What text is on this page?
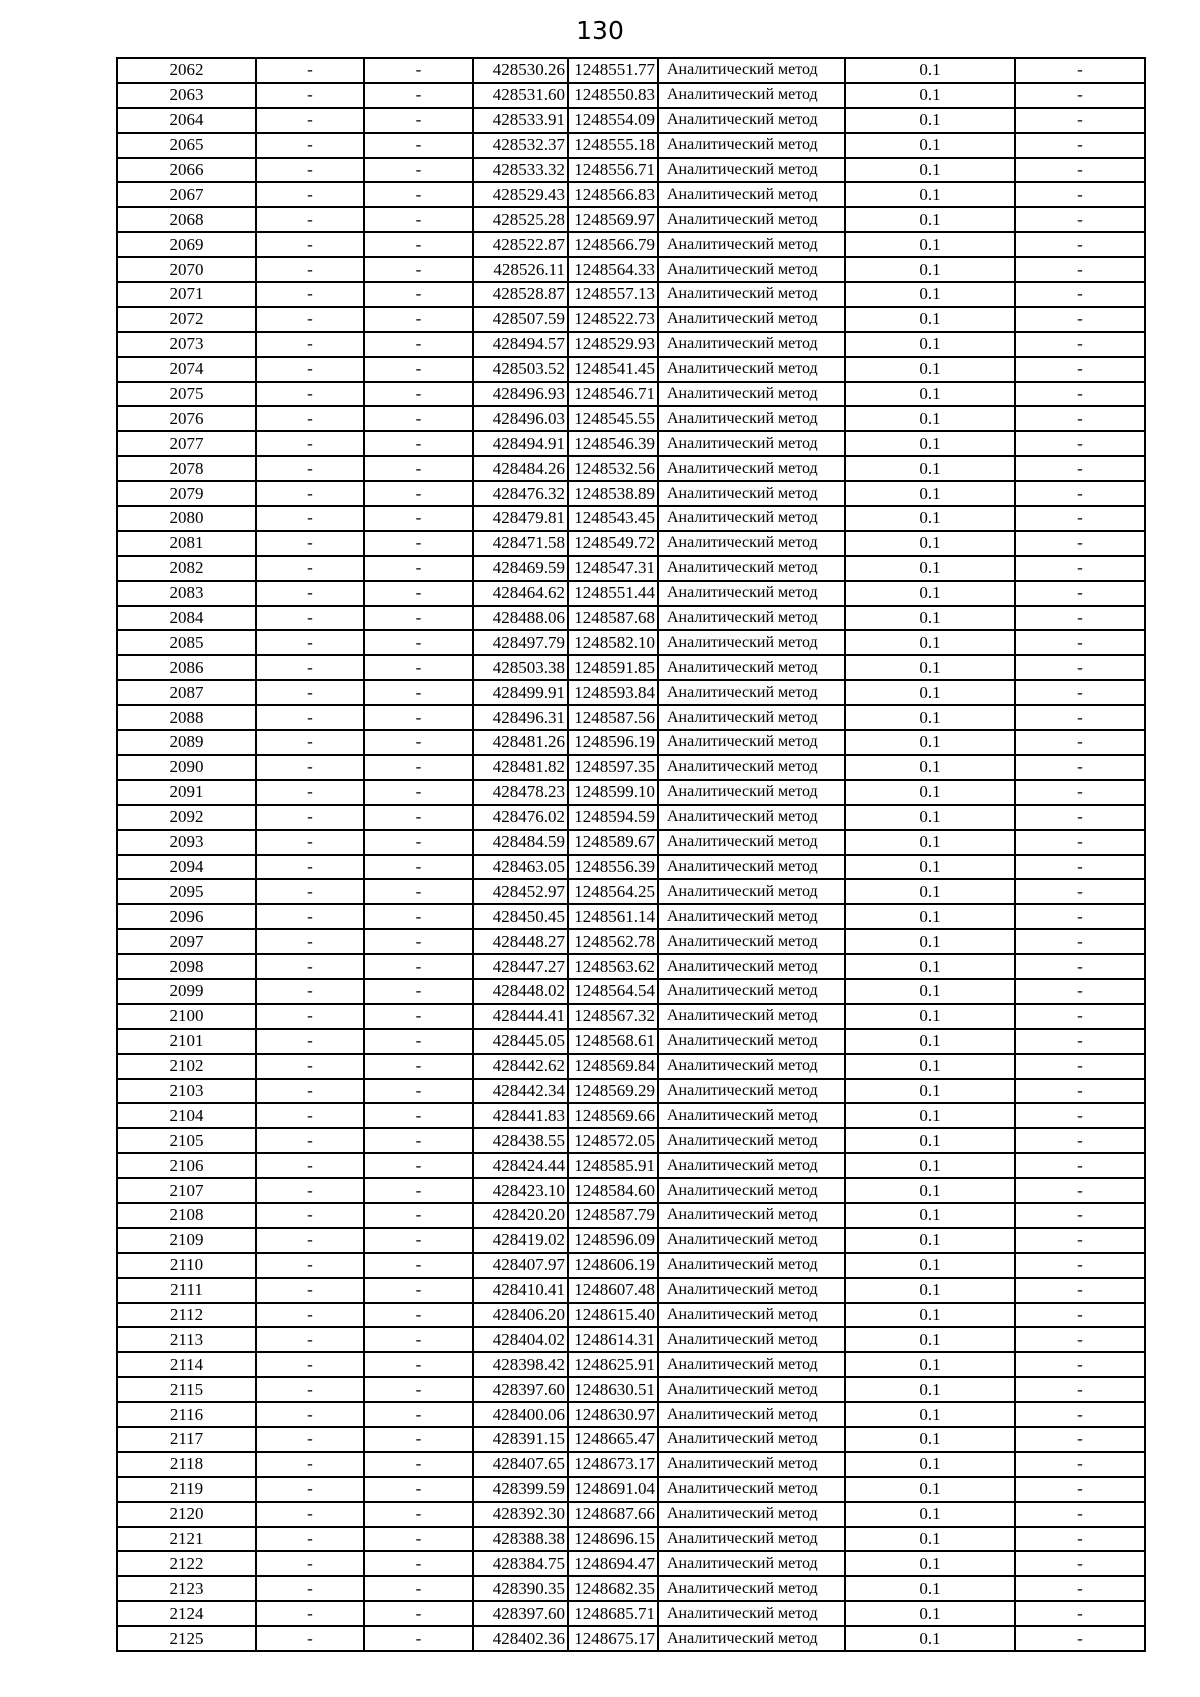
130
2062	-	-	428530.26	1248551.77	Аналитический метод	0.1	-
2063	-	-	428531.60	1248550.83	Аналитический метод	0.1	-
2064	-	-	428533.91	1248554.09	Аналитический метод	0.1	-
2065	-	-	428532.37	1248555.18	Аналитический метод	0.1	-
2066	-	-	428533.32	1248556.71	Аналитический метод	0.1	-
2067	-	-	428529.43	1248566.83	Аналитический метод	0.1	-
2068	-	-	428525.28	1248569.97	Аналитический метод	0.1	-
2069	-	-	428522.87	1248566.79	Аналитический метод	0.1	-
2070	-	-	428526.11	1248564.33	Аналитический метод	0.1	-
2071	-	-	428528.87	1248557.13	Аналитический метод	0.1	-
2072	-	-	428507.59	1248522.73	Аналитический метод	0.1	-
2073	-	-	428494.57	1248529.93	Аналитический метод	0.1	-
2074	-	-	428503.52	1248541.45	Аналитический метод	0.1	-
2075	-	-	428496.93	1248546.71	Аналитический метод	0.1	-
2076	-	-	428496.03	1248545.55	Аналитический метод	0.1	-
2077	-	-	428494.91	1248546.39	Аналитический метод	0.1	-
2078	-	-	428484.26	1248532.56	Аналитический метод	0.1	-
2079	-	-	428476.32	1248538.89	Аналитический метод	0.1	-
2080	-	-	428479.81	1248543.45	Аналитический метод	0.1	-
2081	-	-	428471.58	1248549.72	Аналитический метод	0.1	-
2082	-	-	428469.59	1248547.31	Аналитический метод	0.1	-
2083	-	-	428464.62	1248551.44	Аналитический метод	0.1	-
2084	-	-	428488.06	1248587.68	Аналитический метод	0.1	-
2085	-	-	428497.79	1248582.10	Аналитический метод	0.1	-
2086	-	-	428503.38	1248591.85	Аналитический метод	0.1	-
2087	-	-	428499.91	1248593.84	Аналитический метод	0.1	-
2088	-	-	428496.31	1248587.56	Аналитический метод	0.1	-
2089	-	-	428481.26	1248596.19	Аналитический метод	0.1	-
2090	-	-	428481.82	1248597.35	Аналитический метод	0.1	-
2091	-	-	428478.23	1248599.10	Аналитический метод	0.1	-
2092	-	-	428476.02	1248594.59	Аналитический метод	0.1	-
2093	-	-	428484.59	1248589.67	Аналитический метод	0.1	-
2094	-	-	428463.05	1248556.39	Аналитический метод	0.1	-
2095	-	-	428452.97	1248564.25	Аналитический метод	0.1	-
2096	-	-	428450.45	1248561.14	Аналитический метод	0.1	-
2097	-	-	428448.27	1248562.78	Аналитический метод	0.1	-
2098	-	-	428447.27	1248563.62	Аналитический метод	0.1	-
2099	-	-	428448.02	1248564.54	Аналитический метод	0.1	-
2100	-	-	428444.41	1248567.32	Аналитический метод	0.1	-
2101	-	-	428445.05	1248568.61	Аналитический метод	0.1	-
2102	-	-	428442.62	1248569.84	Аналитический метод	0.1	-
2103	-	-	428442.34	1248569.29	Аналитический метод	0.1	-
2104	-	-	428441.83	1248569.66	Аналитический метод	0.1	-
2105	-	-	428438.55	1248572.05	Аналитический метод	0.1	-
2106	-	-	428424.44	1248585.91	Аналитический метод	0.1	-
2107	-	-	428423.10	1248584.60	Аналитический метод	0.1	-
2108	-	-	428420.20	1248587.79	Аналитический метод	0.1	-
2109	-	-	428419.02	1248596.09	Аналитический метод	0.1	-
2110	-	-	428407.97	1248606.19	Аналитический метод	0.1	-
2111	-	-	428410.41	1248607.48	Аналитический метод	0.1	-
2112	-	-	428406.20	1248615.40	Аналитический метод	0.1	-
2113	-	-	428404.02	1248614.31	Аналитический метод	0.1	-
2114	-	-	428398.42	1248625.91	Аналитический метод	0.1	-
2115	-	-	428397.60	1248630.51	Аналитический метод	0.1	-
2116	-	-	428400.06	1248630.97	Аналитический метод	0.1	-
2117	-	-	428391.15	1248665.47	Аналитический метод	0.1	-
2118	-	-	428407.65	1248673.17	Аналитический метод	0.1	-
2119	-	-	428399.59	1248691.04	Аналитический метод	0.1	-
2120	-	-	428392.30	1248687.66	Аналитический метод	0.1	-
2121	-	-	428388.38	1248696.15	Аналитический метод	0.1	-
2122	-	-	428384.75	1248694.47	Аналитический метод	0.1	-
2123	-	-	428390.35	1248682.35	Аналитический метод	0.1	-
2124	-	-	428397.60	1248685.71	Аналитический метод	0.1	-
2125	-	-	428402.36	1248675.17	Аналитический метод	0.1	-
